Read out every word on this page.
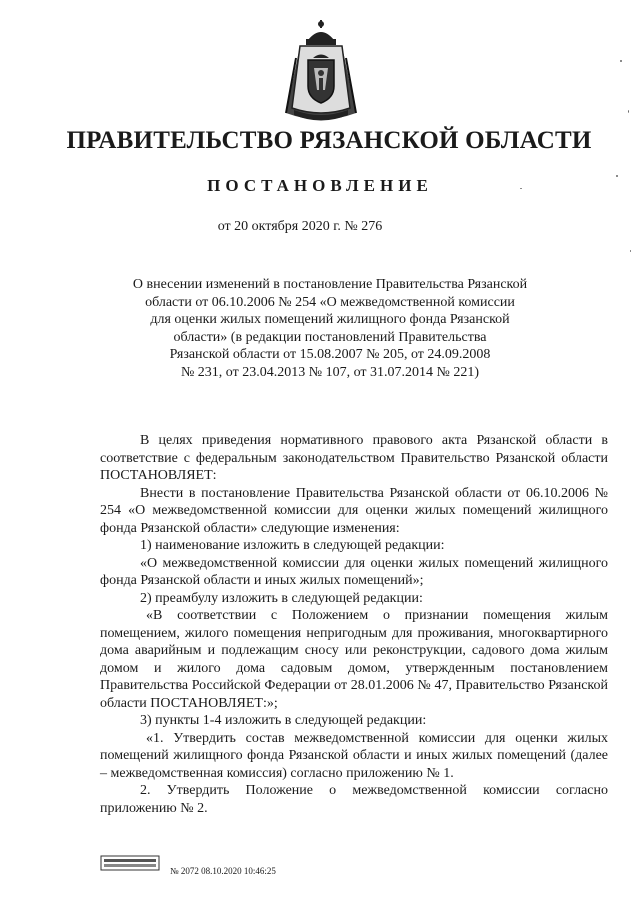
ПРАВИТЕЛЬСТВО РЯЗАНСКОЙ ОБЛАСТИ
ПОСТАНОВЛЕНИЕ
от 20 октября 2020 г. № 276
О внесении изменений в постановление Правительства Рязанской
области от 06.10.2006 № 254 «О межведомственной комиссии
для оценки жилых помещений жилищного фонда Рязанской
области» (в редакции постановлений Правительства
Рязанской области от 15.08.2007 № 205, от 24.09.2008
№ 231, от 23.04.2013 № 107, от 31.07.2014 № 221)

В целях приведения нормативного правового акта Рязанской области в соответствие с федеральным законодательством Правительство Рязанской области ПОСТАНОВЛЯЕТ:

Внести в постановление Правительства Рязанской области от 06.10.2006 № 254 «О межведомственной комиссии для оценки жилых помещений жилищного фонда Рязанской области» следующие изменения:

1) наименование изложить в следующей редакции:

«О межведомственной комиссии для оценки жилых помещений жилищного фонда Рязанской области и иных жилых помещений»;

2) преамбулу изложить в следующей редакции:

«В соответствии с Положением о признании помещения жилым помещением, жилого помещения непригодным для проживания, многоквартирного дома аварийным и подлежащим сносу или реконструкции, садового дома жилым домом и жилого дома садовым домом, утвержденным постановлением Правительства Российской Федерации от 28.01.2006 № 47, Правительство Рязанской области ПОСТАНОВЛЯЕТ:»;

3) пункты 1-4 изложить в следующей редакции:

«1. Утвердить состав межведомственной комиссии для оценки жилых помещений жилищного фонда Рязанской области и иных жилых помещений (далее – межведомственная комиссия) согласно приложению № 1.

2. Утвердить Положение о межведомственной комиссии согласно приложению № 2.

№ 2072 08.10.2020 10:46:25
